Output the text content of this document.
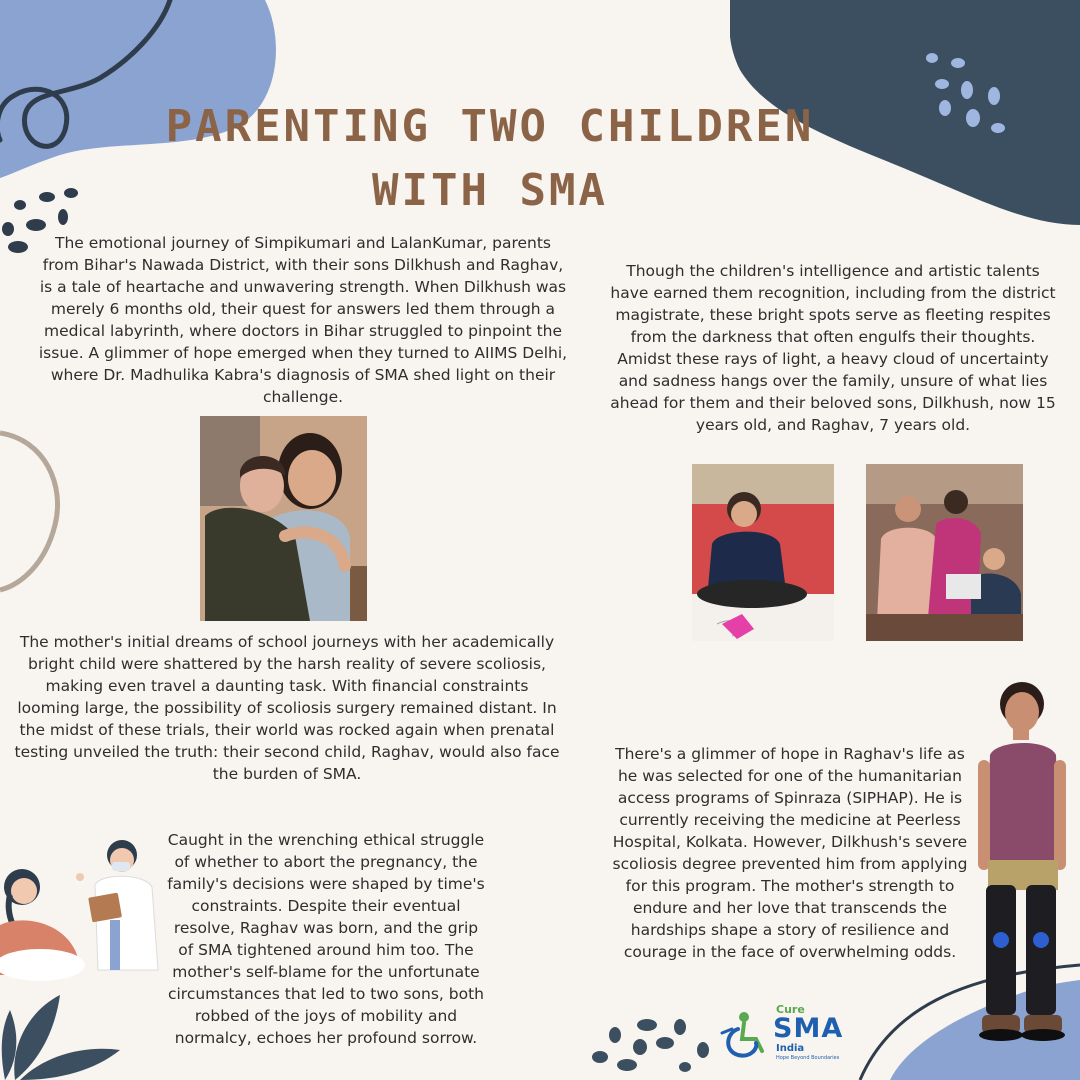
PARENTING TWO CHILDREN WITH SMA
The emotional journey of Simpikumari and LalanKumar, parents from Bihar's Nawada District, with their sons Dilkhush and Raghav, is a tale of heartache and unwavering strength. When Dilkhush was merely 6 months old, their quest for answers led them through a medical labyrinth, where doctors in Bihar struggled to pinpoint the issue. A glimmer of hope emerged when they turned to AIIMS Delhi, where Dr. Madhulika Kabra's diagnosis of SMA shed light on their challenge.
The mother's initial dreams of school journeys with her academically bright child were shattered by the harsh reality of severe scoliosis, making even travel a daunting task. With financial constraints looming large, the possibility of scoliosis surgery remained distant. In the midst of these trials, their world was rocked again when prenatal testing unveiled the truth: their second child, Raghav, would also face the burden of SMA.
Caught in the wrenching ethical struggle of whether to abort the pregnancy, the family's decisions were shaped by time's constraints. Despite their eventual resolve, Raghav was born, and the grip of SMA tightened around him too. The mother's self-blame for the unfortunate circumstances that led to two sons, both robbed of the joys of mobility and normalcy, echoes her profound sorrow.
Though the children's intelligence and artistic talents have earned them recognition, including from the district magistrate, these bright spots serve as fleeting respites from the darkness that often engulfs their thoughts. Amidst these rays of light, a heavy cloud of uncertainty and sadness hangs over the family, unsure of what lies ahead for them and their beloved sons, Dilkhush, now 15 years old, and Raghav, 7 years old.
There's a glimmer of hope in Raghav's life as he was selected for one of the humanitarian access programs of Spinraza (SIPHAP). He is currently receiving the medicine at Peerless Hospital, Kolkata. However, Dilkhush's severe scoliosis degree prevented him from applying for this program. The mother's strength to endure and her love that transcends the hardships shape a story of resilience and courage in the face of overwhelming odds.
Cure
SMA
India
Hope Beyond Boundaries
